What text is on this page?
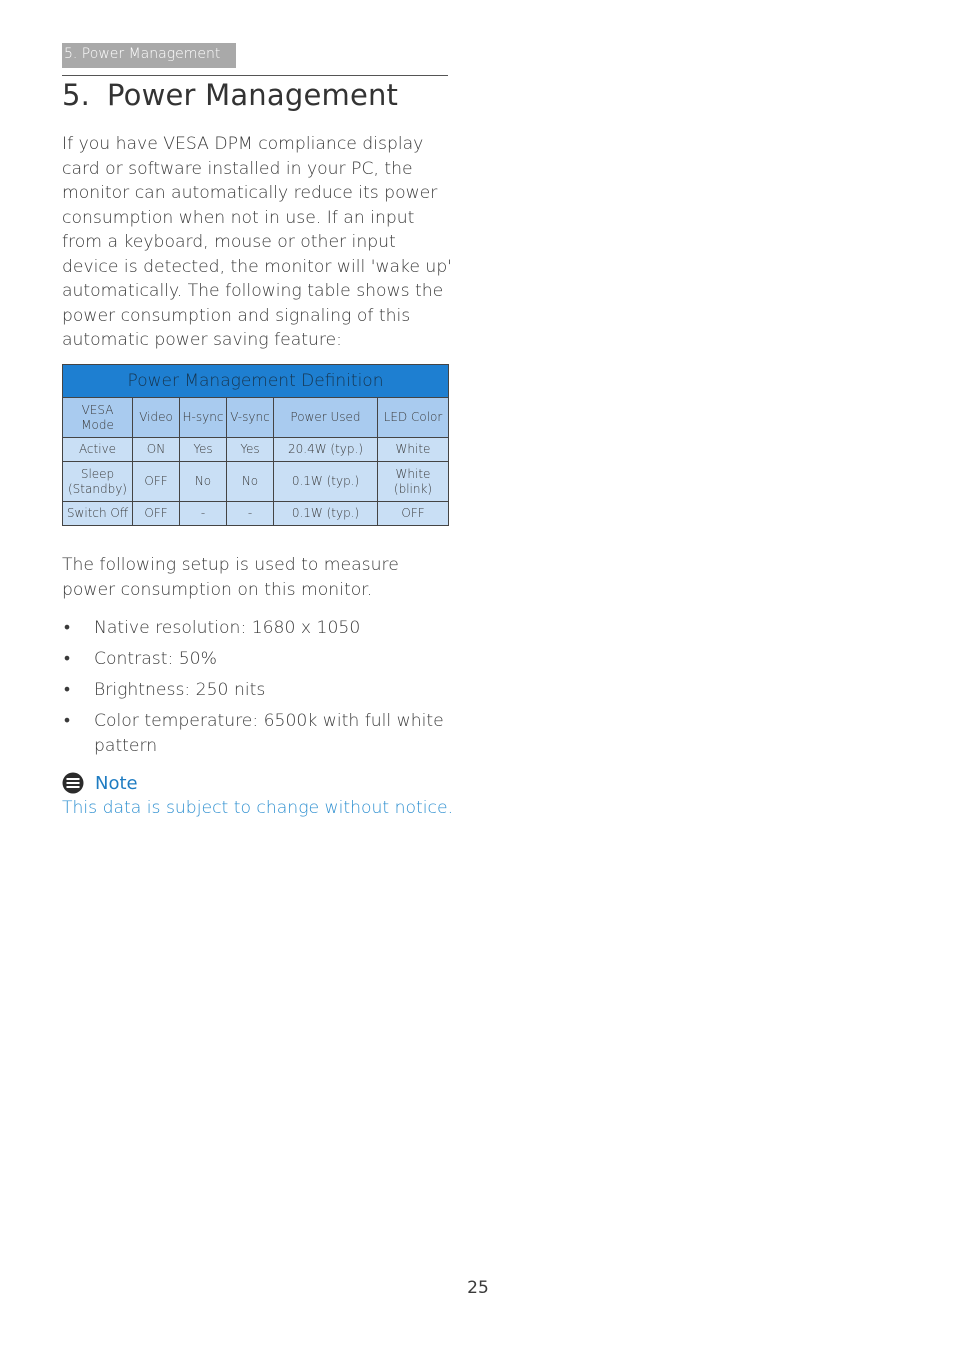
5. Power Management
5. Power Management

If you have VESA DPM compliance display card or software installed in your PC, the monitor can automatically reduce its power consumption when not in use. If an input from a keyboard, mouse or other input device is detected, the monitor will 'wake up' automatically. The following table shows the power consumption and signaling of this automatic power saving feature:

Power Management Definition					
VESA Mode	Video	H-sync	V-sync	Power Used	LED Color
Active	ON	Yes	Yes	20.4W (typ.)	White
Sleep (Standby)	OFF	No	No	0.1W (typ.)	White (blink)
Switch Off	OFF	-	-	0.1W (typ.)	OFF

The following setup is used to measure power consumption on this monitor.

• Native resolution: 1680 x 1050
• Contrast: 50%
• Brightness: 250 nits
• Color temperature: 6500k with full white pattern
Note

This data is subject to change without notice.

25
